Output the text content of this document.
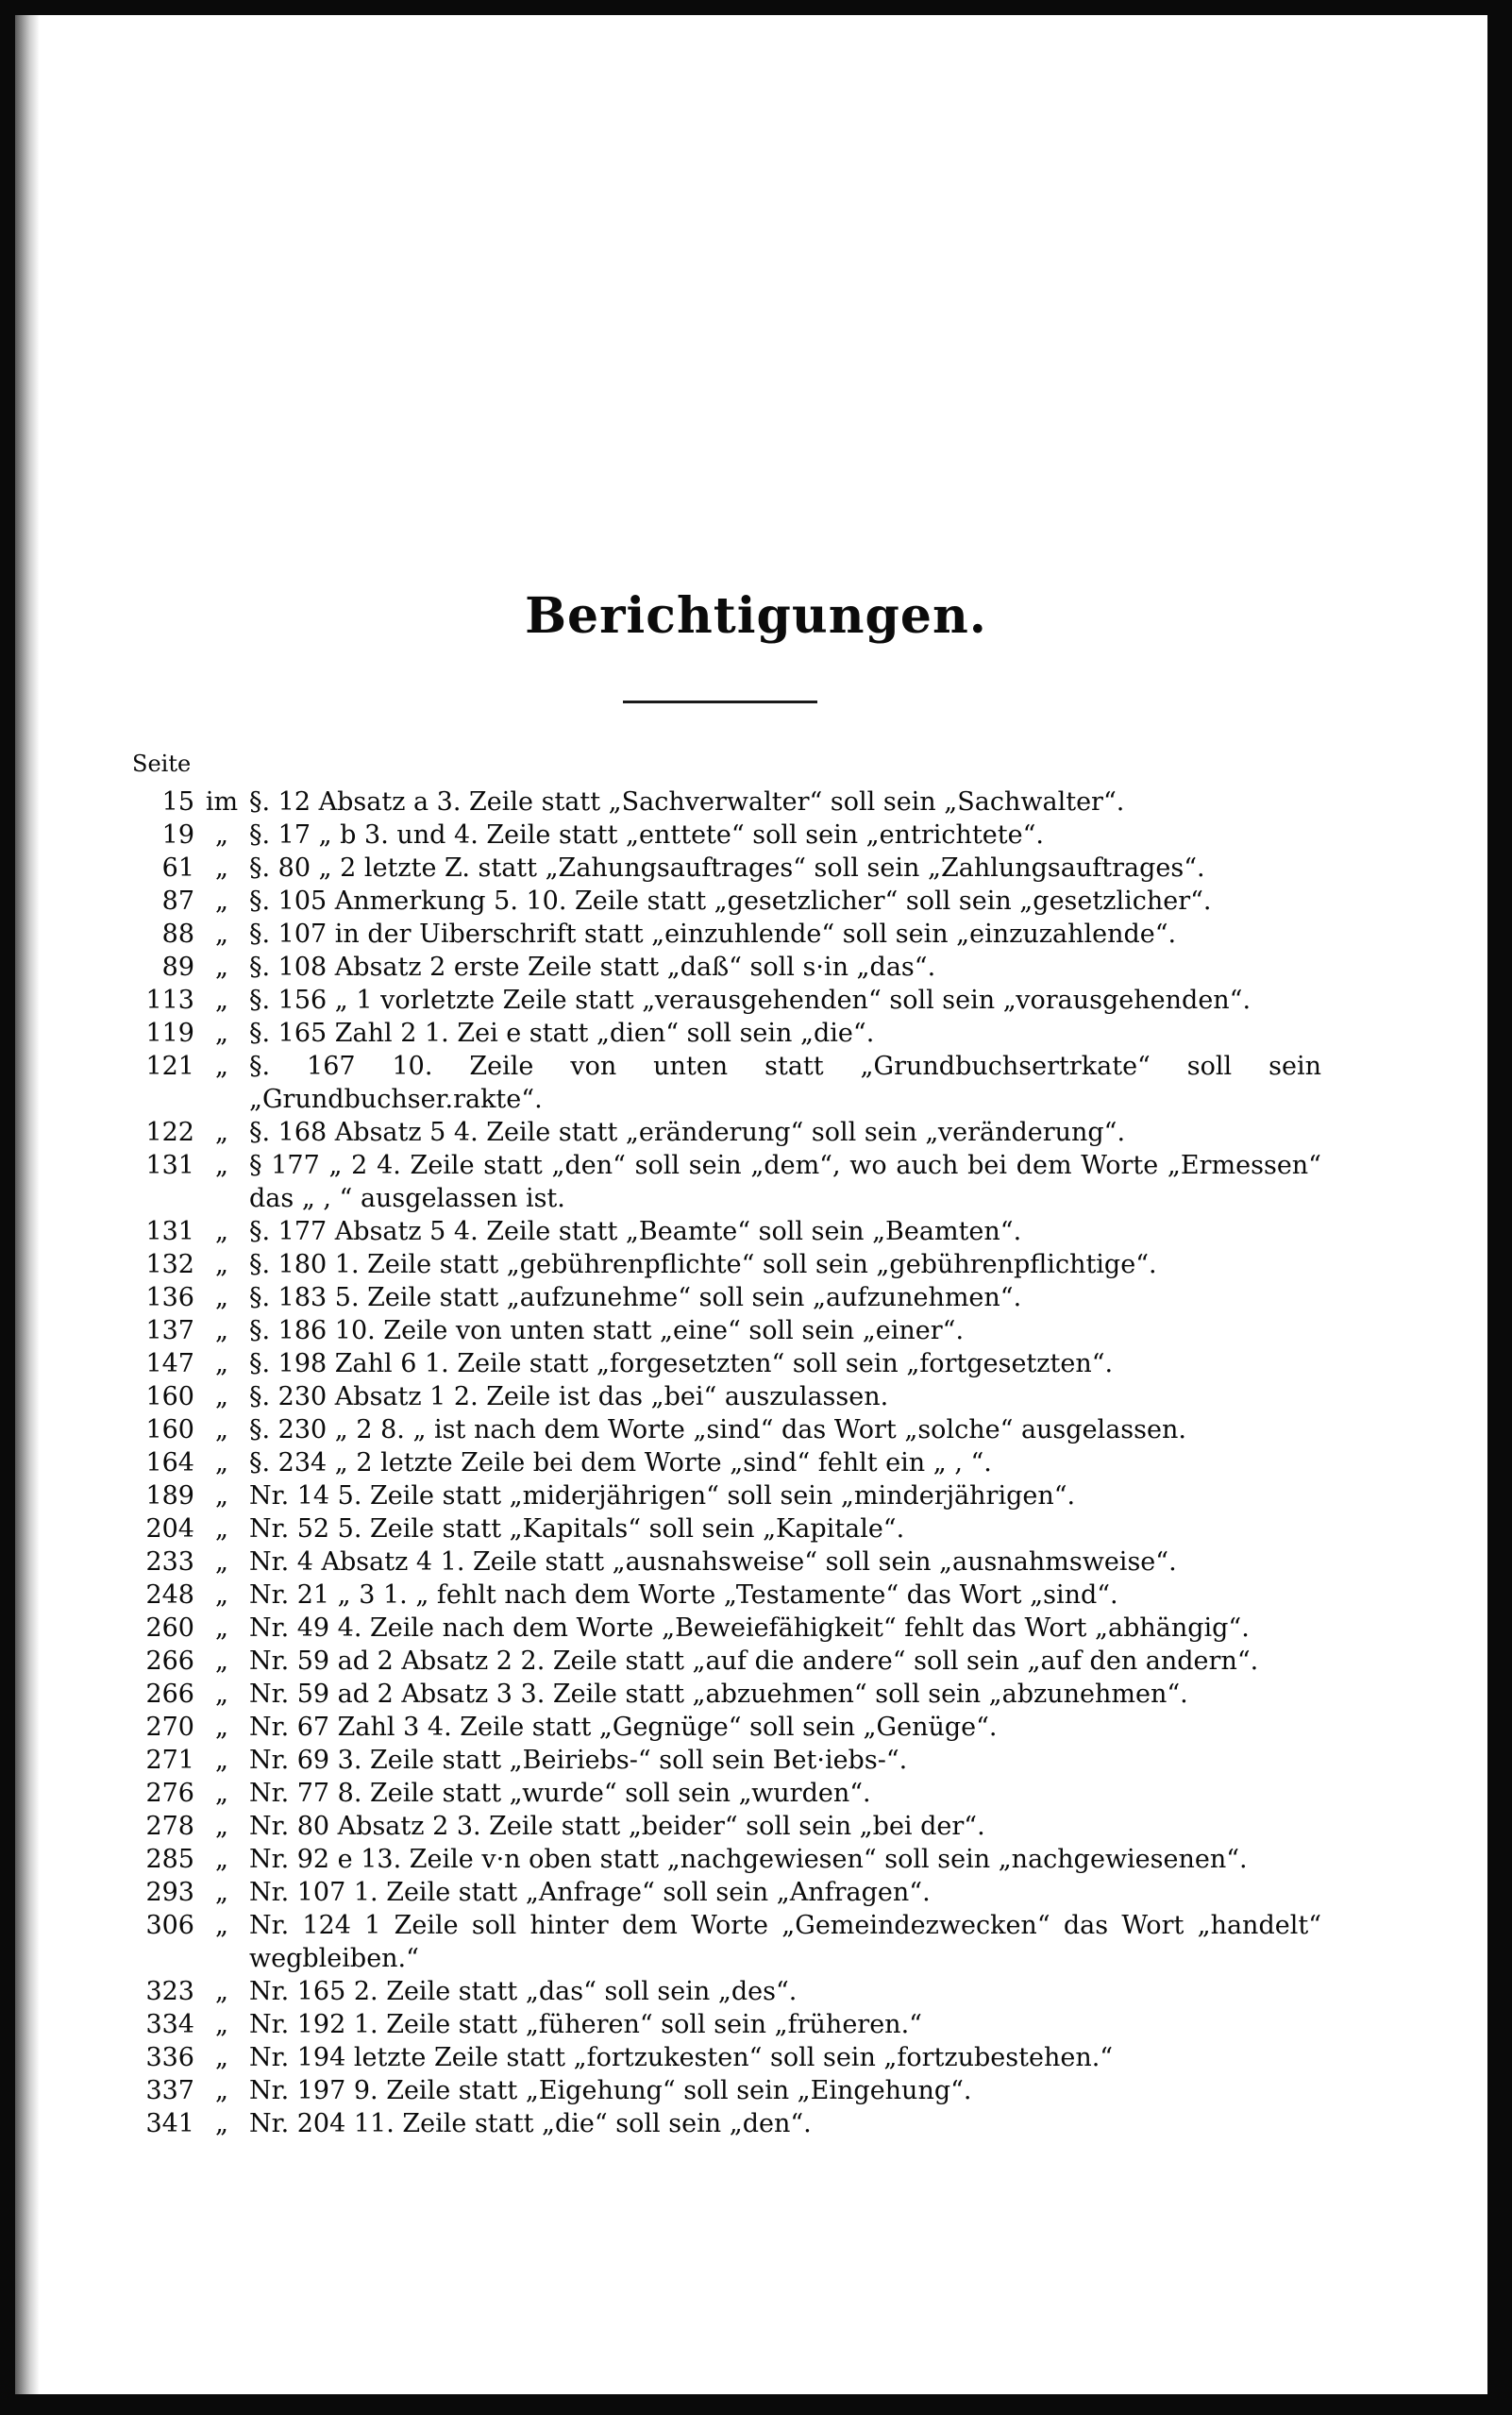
Berichtigungen.
Seite
15 im §. 12 Absatz a 3. Zeile statt „Sachverwalter“ soll sein „Sachwalter“.
19 „ §. 17 „ b 3. und 4. Zeile statt „enttete“ soll sein „entrichtete“.
61 „ §. 80 „ 2 letzte Z. statt „Zahungsauftrages“ soll sein „Zahlungsauftrages“.
87 „ §. 105 Anmerkung 5. 10. Zeile statt „gesetzlicher“ soll sein „gesetzlicher“.
88 „ §. 107 in der Uiberschrift statt „einzuhlende“ soll sein „einzuzahlende“.
89 „ §. 108 Absatz 2 erste Zeile statt „daß“ soll s·in „das“.
113 „ §. 156 „ 1 vorletzte Zeile statt „verausgehenden“ soll sein „vorausgehenden“.
119 „ §. 165 Zahl 2 1. Zei e statt „dien“ soll sein „die“.
121 „ §. 167 10. Zeile von unten statt „Grundbuchsertrkate“ soll sein „Grundbuchser.rakte“.
122 „ §. 168 Absatz 5 4. Zeile statt „eränderung“ soll sein „veränderung“.
131 „ § 177 „ 2 4. Zeile statt „den“ soll sein „dem“, wo auch bei dem Worte „Ermessen“ das „ , “ ausgelassen ist.
131 „ §. 177 Absatz 5 4. Zeile statt „Beamte“ soll sein „Beamten“.
132 „ §. 180 1. Zeile statt „gebührenpflichte“ soll sein „gebührenpflichtige“.
136 „ §. 183 5. Zeile statt „aufzunehme“ soll sein „aufzunehmen“.
137 „ §. 186 10. Zeile von unten statt „eine“ soll sein „einer“.
147 „ §. 198 Zahl 6 1. Zeile statt „forgesetzten“ soll sein „fortgesetzten“.
160 „ §. 230 Absatz 1 2. Zeile ist das „bei“ auszulassen.
160 „ §. 230 „ 2 8. „ ist nach dem Worte „sind“ das Wort „solche“ ausgelassen.
164 „ §. 234 „ 2 letzte Zeile bei dem Worte „sind“ fehlt ein „ , “.
189 „ Nr. 14 5. Zeile statt „miderjährigen“ soll sein „minderjährigen“.
204 „ Nr. 52 5. Zeile statt „Kapitals“ soll sein „Kapitale“.
233 „ Nr. 4 Absatz 4 1. Zeile statt „ausnahsweise“ soll sein „ausnahmsweise“.
248 „ Nr. 21 „ 3 1. „ fehlt nach dem Worte „Testamente“ das Wort „sind“.
260 „ Nr. 49 4. Zeile nach dem Worte „Beweiefähigkeit“ fehlt das Wort „abhängig“.
266 „ Nr. 59 ad 2 Absatz 2 2. Zeile statt „auf die andere“ soll sein „auf den andern“.
266 „ Nr. 59 ad 2 Absatz 3 3. Zeile statt „abzuehmen“ soll sein „abzunehmen“.
270 „ Nr. 67 Zahl 3 4. Zeile statt „Gegnüge“ soll sein „Genüge“.
271 „ Nr. 69 3. Zeile statt „Beiriebs-“ soll sein Bet·iebs-“.
276 „ Nr. 77 8. Zeile statt „wurde“ soll sein „wurden“.
278 „ Nr. 80 Absatz 2 3. Zeile statt „beider“ soll sein „bei der“.
285 „ Nr. 92 e 13. Zeile v·n oben statt „nachgewiesen“ soll sein „nachgewiesenen“.
293 „ Nr. 107 1. Zeile statt „Anfrage“ soll sein „Anfragen“.
306 „ Nr. 124 1 Zeile soll hinter dem Worte „Gemeindezwecken“ das Wort „handelt“ wegbleiben.“
323 „ Nr. 165 2. Zeile statt „das“ soll sein „des“.
334 „ Nr. 192 1. Zeile statt „füheren“ soll sein „früheren.“
336 „ Nr. 194 letzte Zeile statt „fortzukesten“ soll sein „fortzubestehen.“
337 „ Nr. 197 9. Zeile statt „Eigehung“ soll sein „Eingehung“.
341 „ Nr. 204 11. Zeile statt „die“ soll sein „den“.
